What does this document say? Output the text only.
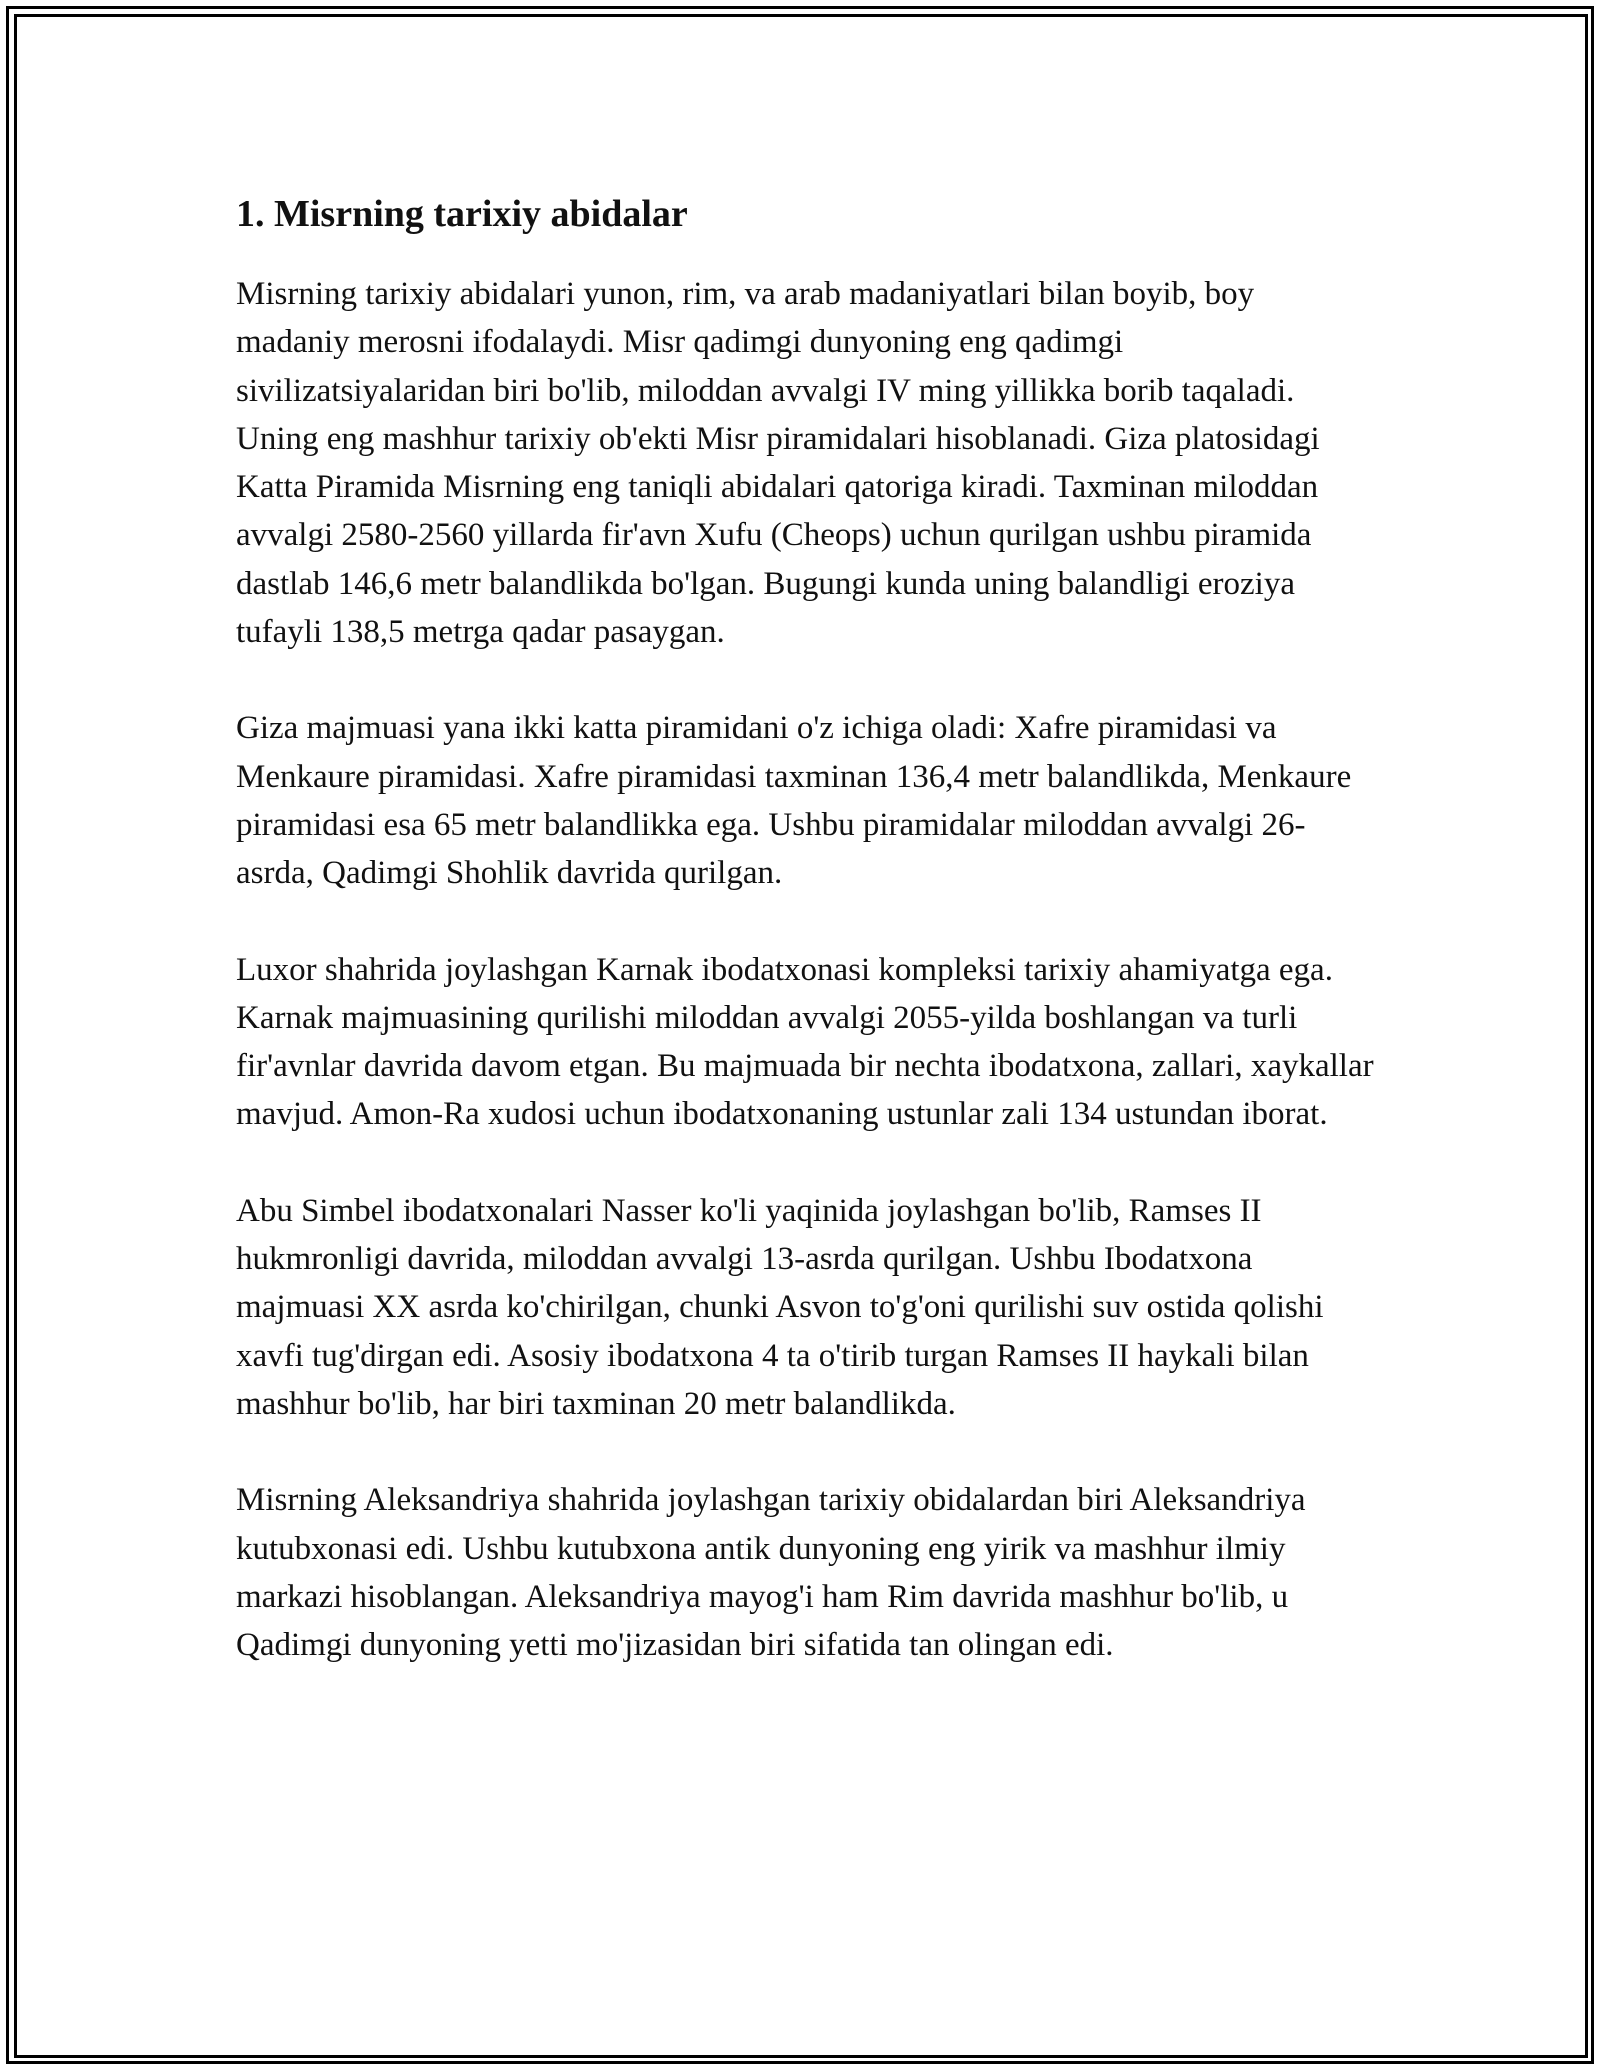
1. Misrning tarixiy abidalar

Misrning tarixiy abidalari yunon, rim, va arab madaniyatlari bilan boyib, boy madaniy merosni ifodalaydi. Misr qadimgi dunyoning eng qadimgi sivilizatsiyalaridan biri bo'lib, miloddan avvalgi IV ming yillikka borib taqaladi. Uning eng mashhur tarixiy ob'ekti Misr piramidalari hisoblanadi. Giza platosidagi Katta Piramida Misrning eng taniqli abidalari qatoriga kiradi. Taxminan miloddan avvalgi 2580-2560 yillarda fir'avn Xufu (Cheops) uchun qurilgan ushbu piramida dastlab 146,6 metr balandlikda bo'lgan. Bugungi kunda uning balandligi eroziya tufayli 138,5 metrga qadar pasaygan.

Giza majmuasi yana ikki katta piramidani o'z ichiga oladi: Xafre piramidasi va Menkaure piramidasi. Xafre piramidasi taxminan 136,4 metr balandlikda, Menkaure piramidasi esa 65 metr balandlikka ega. Ushbu piramidalar miloddan avvalgi 26-asrda, Qadimgi Shohlik davrida qurilgan.

Luxor shahrida joylashgan Karnak ibodatxonasi kompleksi tarixiy ahamiyatga ega. Karnak majmuasining qurilishi miloddan avvalgi 2055-yilda boshlangan va turli fir'avnlar davrida davom etgan. Bu majmuada bir nechta ibodatxona, zallari, xaykallar mavjud. Amon-Ra xudosi uchun ibodatxonaning ustunlar zali 134 ustundan iborat.

Abu Simbel ibodatxonalari Nasser ko'li yaqinida joylashgan bo'lib, Ramses II hukmronligi davrida, miloddan avvalgi 13-asrda qurilgan. Ushbu Ibodatxona majmuasi XX asrda ko'chirilgan, chunki Asvon to'g'oni qurilishi suv ostida qolishi xavfi tug'dirgan edi. Asosiy ibodatxona 4 ta o'tirib turgan Ramses II haykali bilan mashhur bo'lib, har biri taxminan 20 metr balandlikda.

Misrning Aleksandriya shahrida joylashgan tarixiy obidalardan biri Aleksandriya kutubxonasi edi. Ushbu kutubxona antik dunyoning eng yirik va mashhur ilmiy markazi hisoblangan. Aleksandriya mayog'i ham Rim davrida mashhur bo'lib, u Qadimgi dunyoning yetti mo'jizasidan biri sifatida tan olingan edi.
